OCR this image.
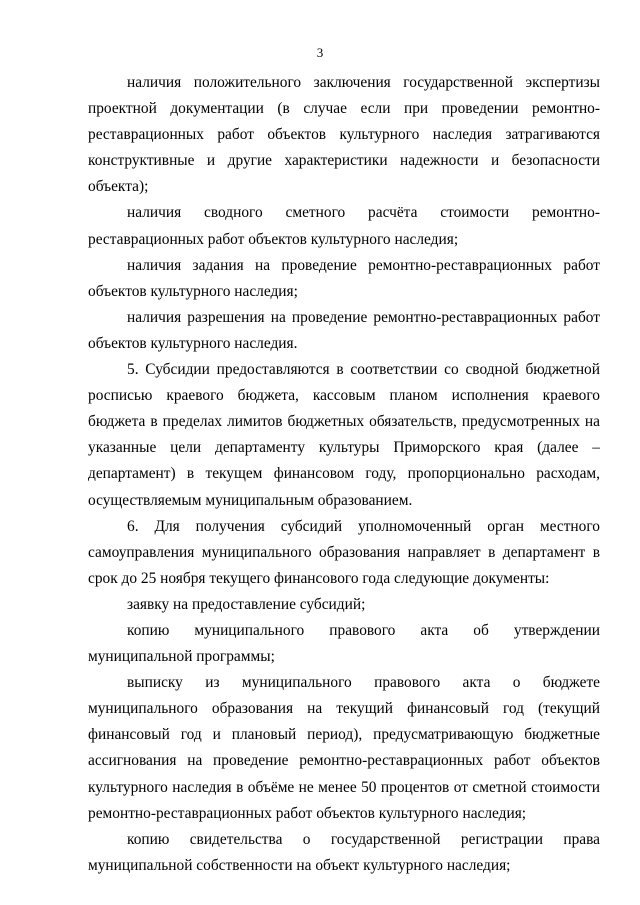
3

наличия положительного заключения государственной экспертизы проектной документации (в случае если при проведении ремонтно-реставрационных работ объектов культурного наследия затрагиваются конструктивные и другие характеристики надежности и безопасности объекта);

наличия сводного сметного расчёта стоимости ремонтно-реставрационных работ объектов культурного наследия;

наличия задания на проведение ремонтно-реставрационных работ объектов культурного наследия;

наличия разрешения на проведение ремонтно-реставрационных работ объектов культурного наследия.

5. Субсидии предоставляются в соответствии со сводной бюджетной росписью краевого бюджета, кассовым планом исполнения краевого бюджета в пределах лимитов бюджетных обязательств, предусмотренных на указанные цели департаменту культуры Приморского края (далее – департамент) в текущем финансовом году, пропорционально расходам, осуществляемым муниципальным образованием.

6. Для получения субсидий уполномоченный орган местного самоуправления муниципального образования направляет в департамент в срок до 25 ноября текущего финансового года следующие документы:

заявку на предоставление субсидий;

копию муниципального правового акта об утверждении муниципальной программы;

выписку из муниципального правового акта о бюджете муниципального образования на текущий финансовый год (текущий финансовый год и плановый период), предусматривающую бюджетные ассигнования на проведение ремонтно-реставрационных работ объектов культурного наследия в объёме не менее 50 процентов от сметной стоимости ремонтно-реставрационных работ объектов культурного наследия;

копию свидетельства о государственной регистрации права муниципальной собственности на объект культурного наследия;
